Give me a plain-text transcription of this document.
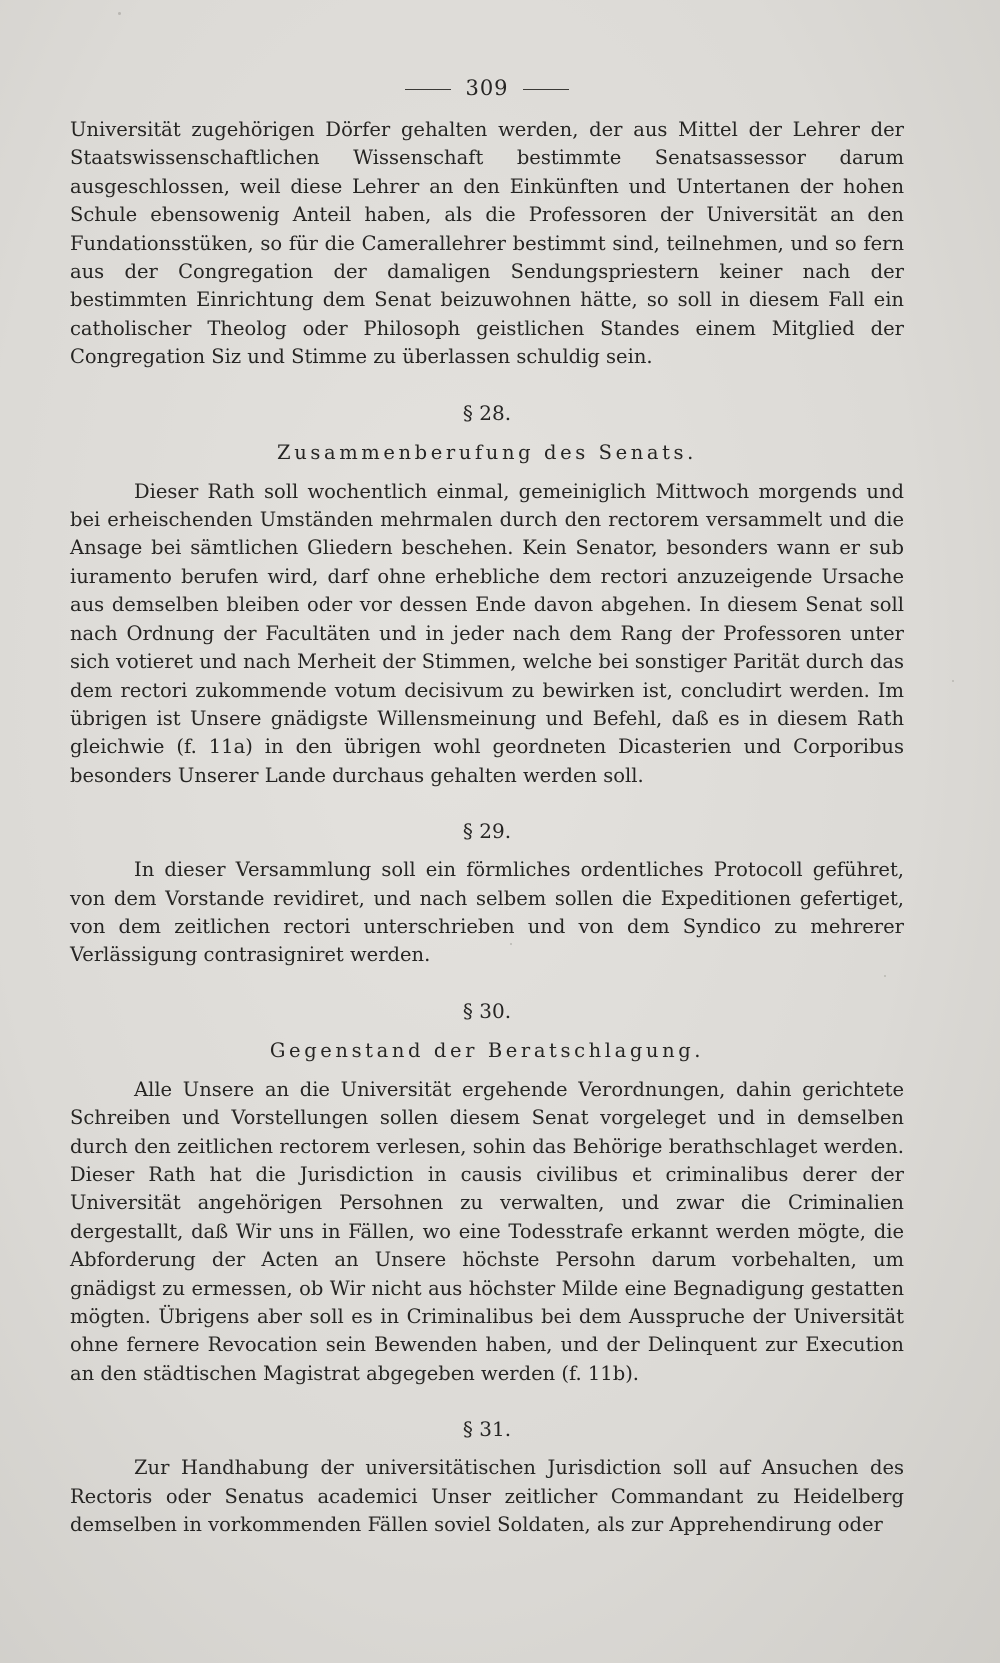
309

Universität zugehörigen Dörfer gehalten werden, der aus Mittel der Lehrer der Staatswissenschaftlichen Wissenschaft bestimmte Senatsassessor darum ausgeschlossen, weil diese Lehrer an den Einkünften und Untertanen der hohen Schule ebensowenig Anteil haben, als die Professoren der Universität an den Fundationsstüken, so für die Camerallehrer bestimmt sind, teilnehmen, und so fern aus der Congregation der damaligen Sendungspriestern keiner nach der bestimmten Einrichtung dem Senat beizuwohnen hätte, so soll in diesem Fall ein catholischer Theolog oder Philosoph geistlichen Standes einem Mitglied der Congregation Siz und Stimme zu überlassen schuldig sein.

§ 28.
Zusammenberufung des Senats.

Dieser Rath soll wochentlich einmal, gemeiniglich Mittwoch morgends und bei erheischenden Umständen mehrmalen durch den rectorem versammelt und die Ansage bei sämtlichen Gliedern beschehen. Kein Senator, besonders wann er sub iuramento berufen wird, darf ohne erhebliche dem rectori anzuzeigende Ursache aus demselben bleiben oder vor dessen Ende davon abgehen. In diesem Senat soll nach Ordnung der Facultäten und in jeder nach dem Rang der Professoren unter sich votieret und nach Merheit der Stimmen, welche bei sonstiger Parität durch das dem rectori zukommende votum decisivum zu bewirken ist, concludirt werden. Im übrigen ist Unsere gnädigste Willensmeinung und Befehl, daß es in diesem Rath gleichwie (f. 11a) in den übrigen wohl geordneten Dicasterien und Corporibus besonders Unserer Lande durchaus gehalten werden soll.

§ 29.

In dieser Versammlung soll ein förmliches ordentliches Protocoll geführet, von dem Vorstande revidiret, und nach selbem sollen die Expeditionen gefertiget, von dem zeitlichen rectori unterschrieben und von dem Syndico zu mehrerer Verlässigung contrasigniret werden.

§ 30.
Gegenstand der Beratschlagung.

Alle Unsere an die Universität ergehende Verordnungen, dahin gerichtete Schreiben und Vorstellungen sollen diesem Senat vorgeleget und in demselben durch den zeitlichen rectorem verlesen, sohin das Behörige berathschlaget werden. Dieser Rath hat die Jurisdiction in causis civilibus et criminalibus derer der Universität angehörigen Persohnen zu verwalten, und zwar die Criminalien dergestallt, daß Wir uns in Fällen, wo eine Todesstrafe erkannt werden mögte, die Abforderung der Acten an Unsere höchste Persohn darum vorbehalten, um gnädigst zu ermessen, ob Wir nicht aus höchster Milde eine Begnadigung gestatten mögten. Übrigens aber soll es in Criminalibus bei dem Ausspruche der Universität ohne fernere Revocation sein Bewenden haben, und der Delinquent zur Execution an den städtischen Magistrat abgegeben werden (f. 11b).

§ 31.

Zur Handhabung der universitätischen Jurisdiction soll auf Ansuchen des Rectoris oder Senatus academici Unser zeitlicher Commandant zu Heidelberg demselben in vorkommenden Fällen soviel Soldaten, als zur Apprehendirung oder
